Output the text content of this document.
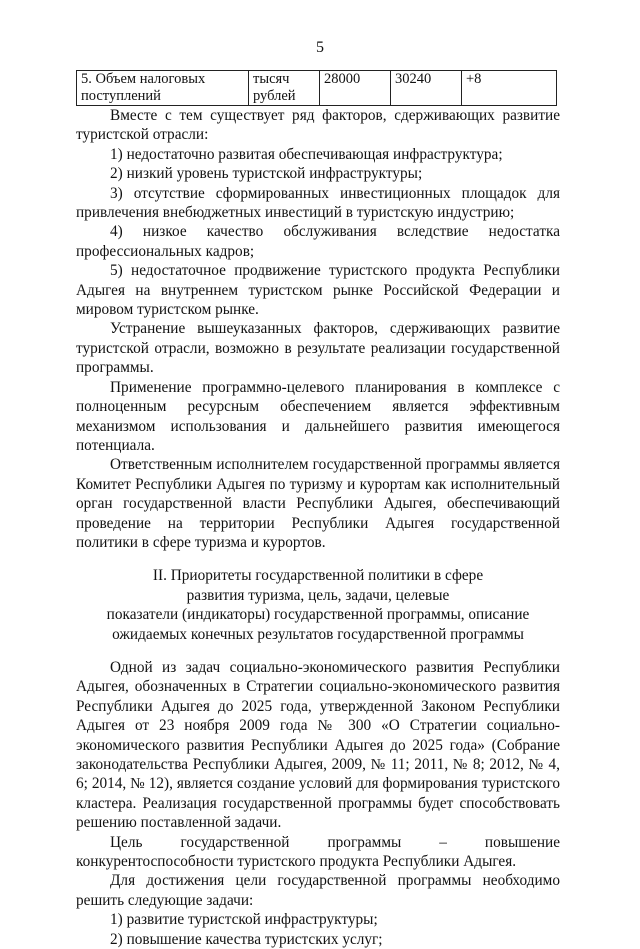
5
5. Объем налоговых поступлений	тысяч рублей	28000	30240	+8

Вместе с тем существует ряд факторов, сдерживающих развитие туристской отрасли:

1) недостаточно развитая обеспечивающая инфраструктура;

2) низкий уровень туристской инфраструктуры;

3) отсутствие сформированных инвестиционных площадок для привлечения внебюджетных инвестиций в туристскую индустрию;

4) низкое качество обслуживания вследствие недостатка профессиональных кадров;

5) недостаточное продвижение туристского продукта Республики Адыгея на внутреннем туристском рынке Российской Федерации и мировом туристском рынке.

Устранение вышеуказанных факторов, сдерживающих развитие туристской отрасли, возможно в результате реализации государственной программы.

Применение программно-целевого планирования в комплексе с полноценным ресурсным обеспечением является эффективным механизмом использования и дальнейшего развития имеющегося потенциала.

Ответственным исполнителем государственной программы является Комитет Республики Адыгея по туризму и курортам как исполнительный орган государственной власти Республики Адыгея, обеспечивающий проведение на территории Республики Адыгея государственной политики в сфере туризма и курортов.

II. Приоритеты государственной политики в сфере
развития туризма, цель, задачи, целевые
показатели (индикаторы) государственной программы, описание
ожидаемых конечных результатов государственной программы

Одной из задач социально-экономического развития Республики Адыгея, обозначенных в Стратегии социально-экономического развития Республики Адыгея до 2025 года, утвержденной Законом Республики Адыгея от 23 ноября 2009 года № 300 «О Стратегии социально-экономического развития Республики Адыгея до 2025 года» (Собрание законодательства Республики Адыгея, 2009, № 11; 2011, № 8; 2012, № 4, 6; 2014, № 12), является создание условий для формирования туристского кластера. Реализация государственной программы будет способствовать решению поставленной задачи.

Цель государственной программы – повышение конкурентоспособности туристского продукта Республики Адыгея.

Для достижения цели государственной программы необходимо решить следующие задачи:

1) развитие туристской инфраструктуры;

2) повышение качества туристских услуг;
